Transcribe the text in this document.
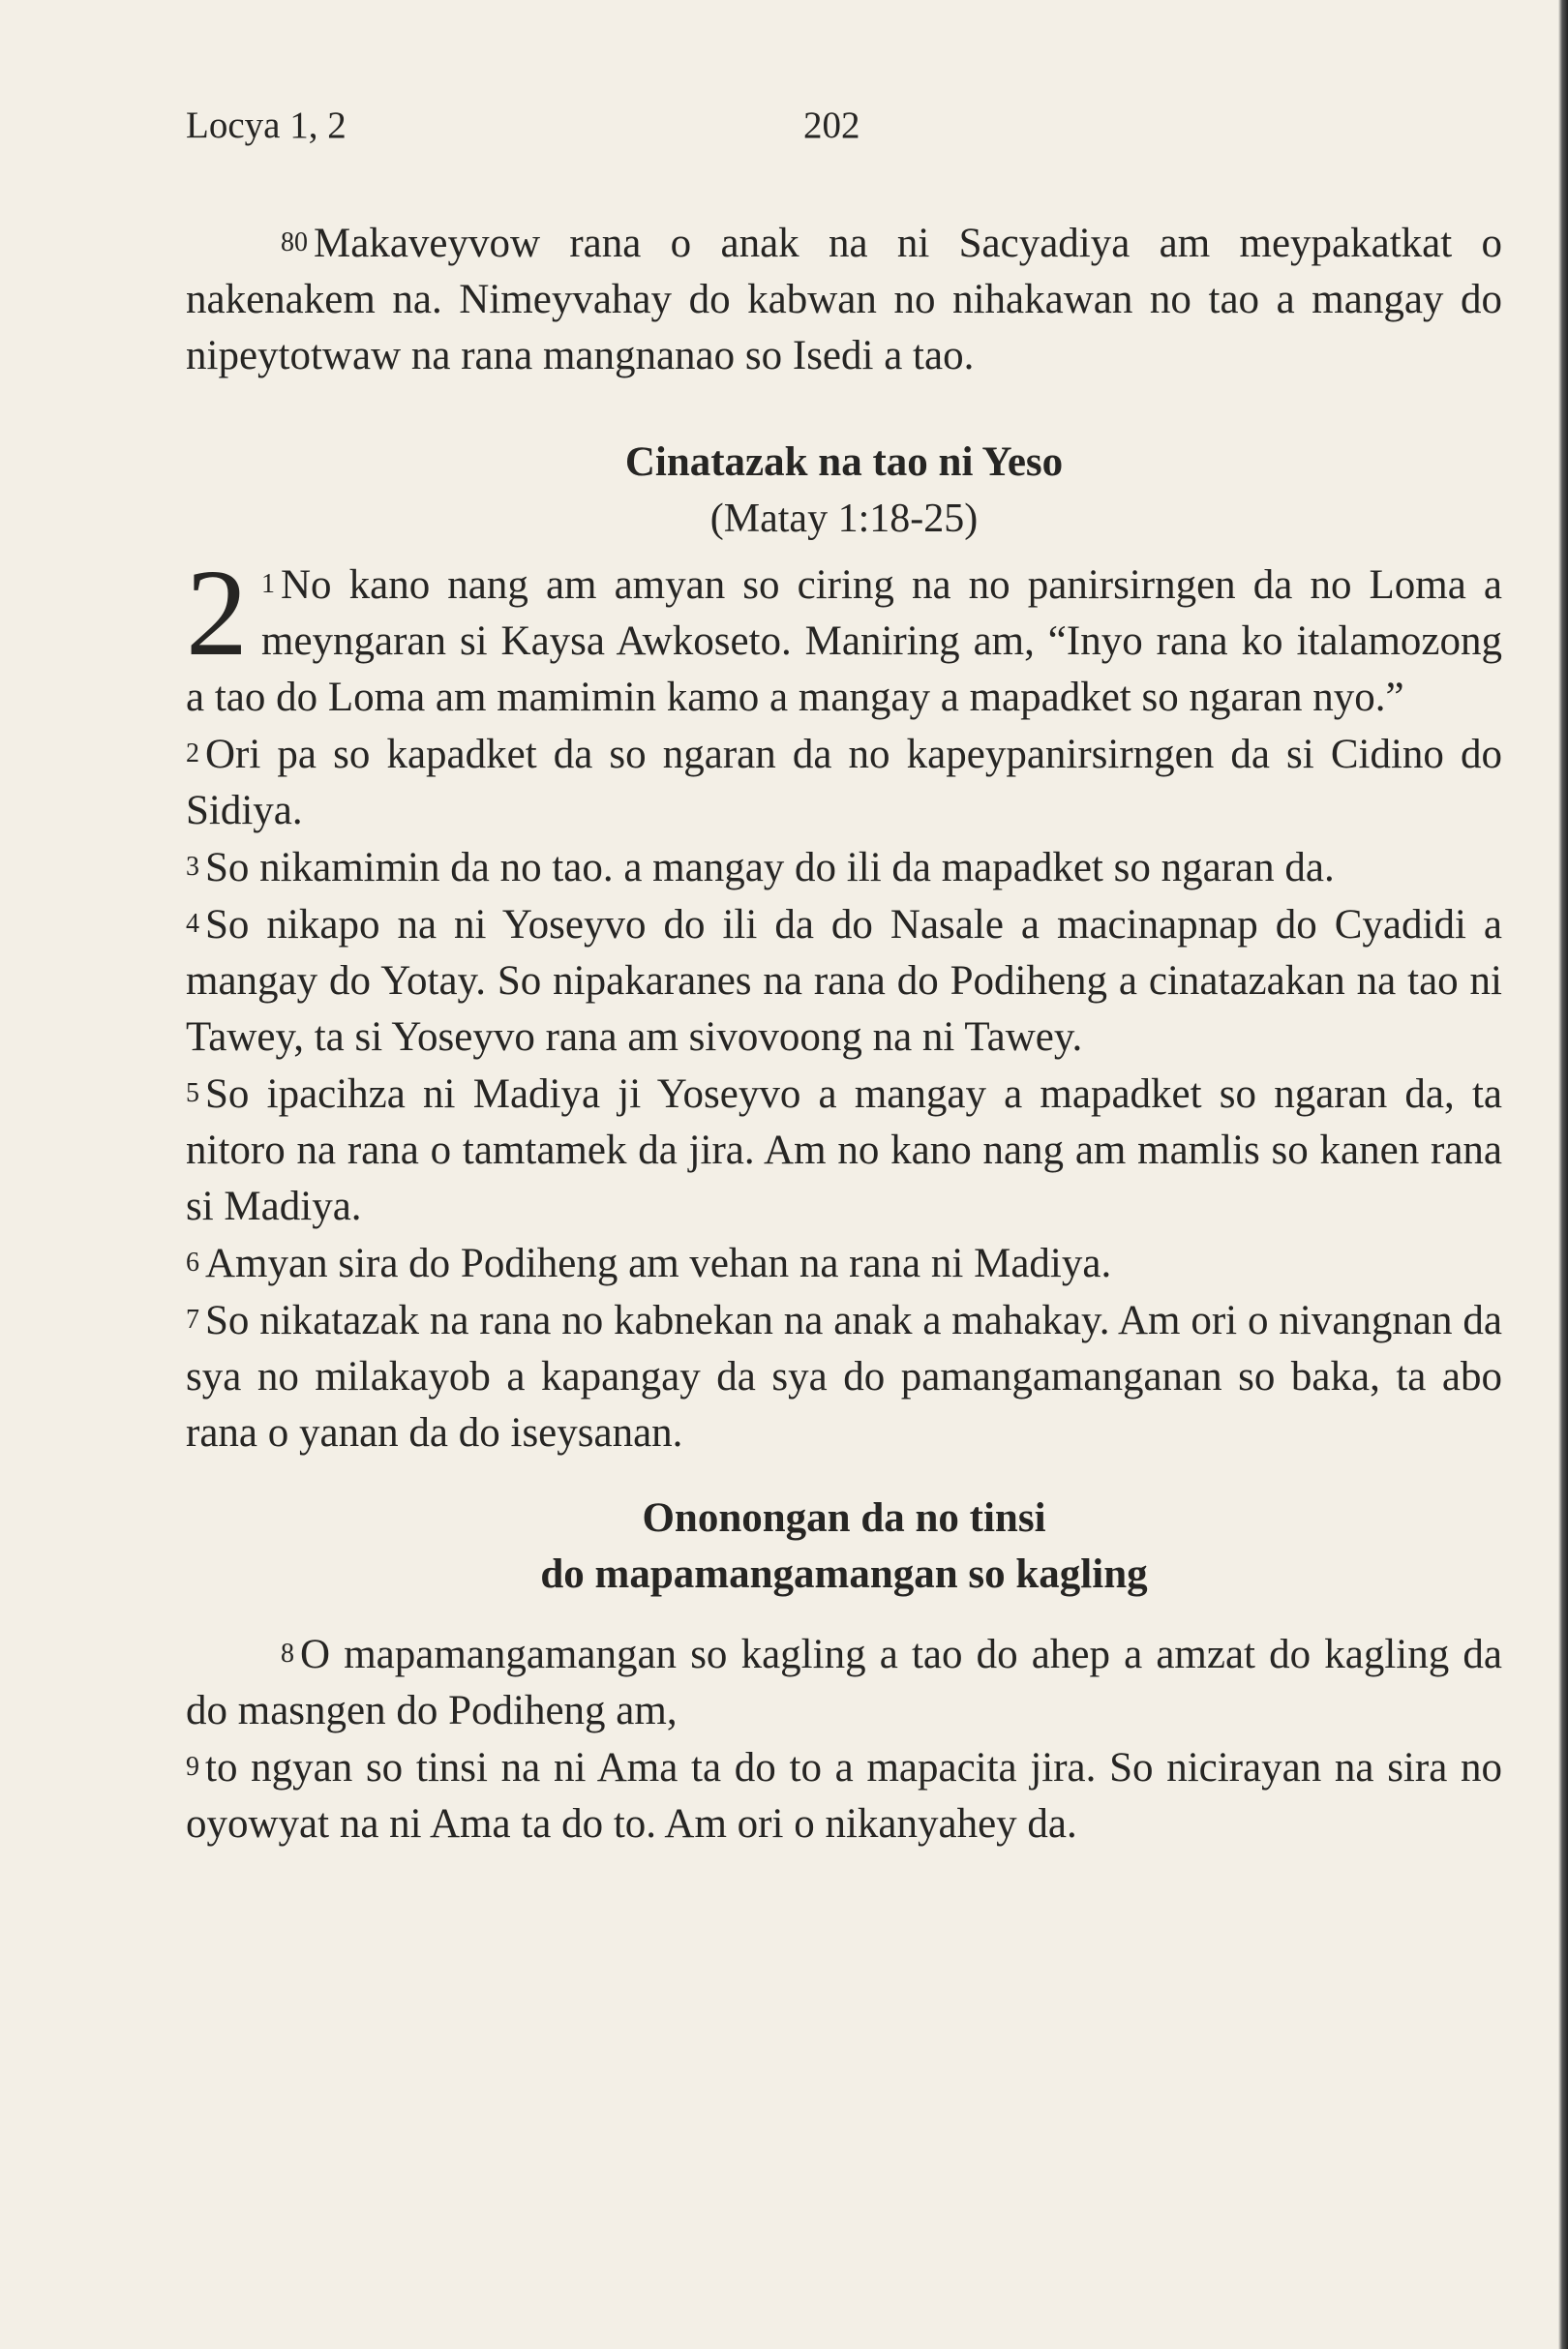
Locya 1, 2	202

80 Makaveyvow rana o anak na ni Sacyadiya am meypakatkat o nakenakem na. Nimeyvahay do kabwan no nihakawan no tao a mangay do nipeytotwaw na rana mangnanao so Isedi a tao.

Cinatazak na tao ni Yeso
(Matay 1:18-25)
2 1 No kano nang am amyan so ciring na no panirsirngen da no Loma a meyngaran si Kaysa Awkoseto. Maniring am, “Inyo rana ko italamozong a tao do Loma am mamimin kamo a mangay a mapadket so ngaran nyo.”

2 Ori pa so kapadket da so ngaran da no kapeypanirsirngen da si Cidino do Sidiya.

3 So nikamimin da no tao. a mangay do ili da mapadket so ngaran da.

4 So nikapo na ni Yoseyvo do ili da do Nasale a macinapnap do Cyadidi a mangay do Yotay. So nipakaranes na rana do Podiheng a cinatazakan na tao ni Tawey, ta si Yoseyvo rana am sivovoong na ni Tawey.

5 So ipacihza ni Madiya ji Yoseyvo a mangay a mapadket so ngaran da, ta nitoro na rana o tamtamek da jira. Am no kano nang am mamlis so kanen rana si Madiya.

6 Amyan sira do Podiheng am vehan na rana ni Madiya.

7 So nikatazak na rana no kabnekan na anak a mahakay. Am ori o nivangnan da sya no milakayob a kapangay da sya do pamangamanganan so baka, ta abo rana o yanan da do iseysanan.

Ononongan da no tinsi
do mapamangamangan so kagling

8 O mapamangamangan so kagling a tao do ahep a amzat do kagling da do masngen do Podiheng am,

9 to ngyan so tinsi na ni Ama ta do to a mapacita jira. So nicirayan na sira no oyowyat na ni Ama ta do to. Am ori o nikanyahey da.
